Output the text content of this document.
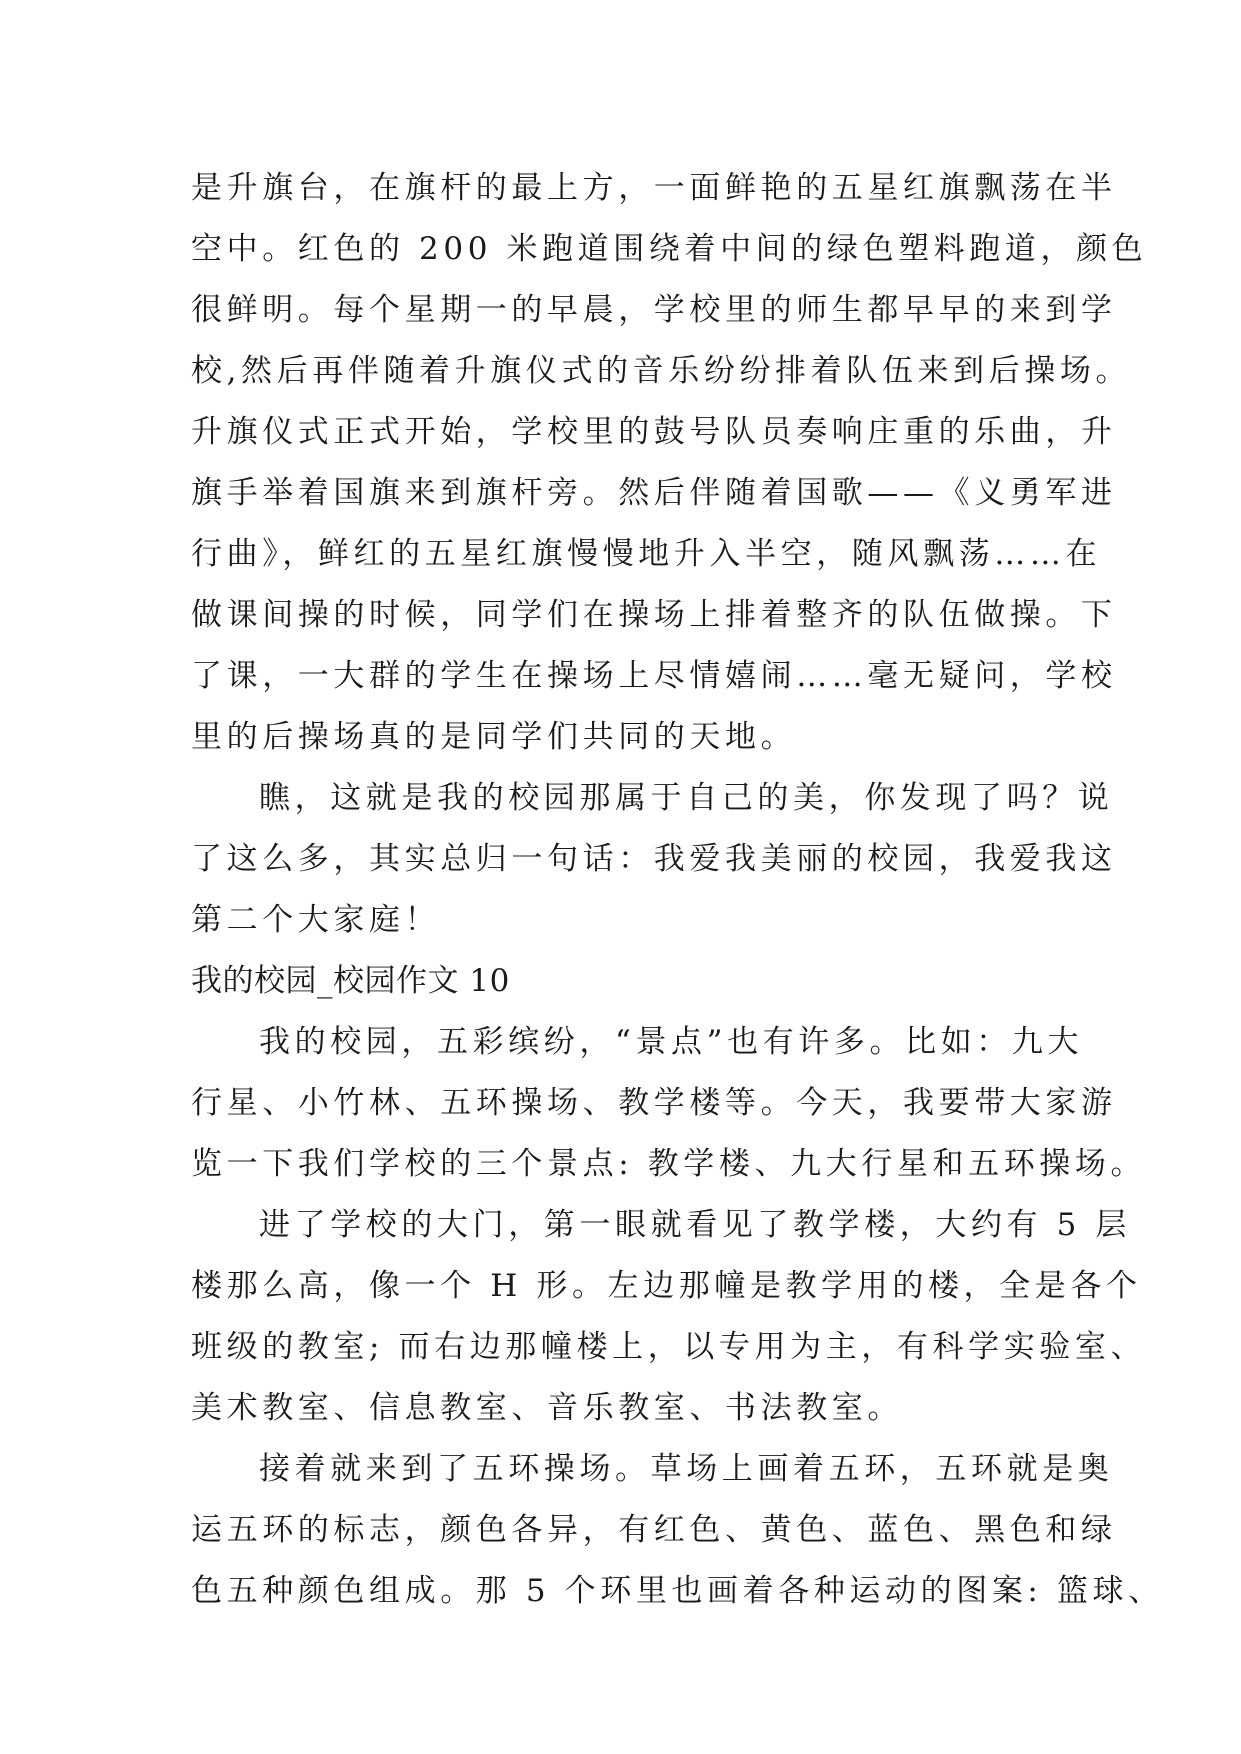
是升旗台，在旗杆的最上方，一面鲜艳的五星红旗飘荡在半
空中。红色的 200 米跑道围绕着中间的绿色塑料跑道，颜色
很鲜明。每个星期一的早晨，学校里的师生都早早的来到学
校,然后再伴随着升旗仪式的音乐纷纷排着队伍来到后操场。
升旗仪式正式开始，学校里的鼓号队员奏响庄重的乐曲，升
旗手举着国旗来到旗杆旁。然后伴随着国歌——《义勇军进
行曲》，鲜红的五星红旗慢慢地升入半空，随风飘荡……在
做课间操的时候，同学们在操场上排着整齐的队伍做操。下
了课，一大群的学生在操场上尽情嬉闹……毫无疑问，学校
里的后操场真的是同学们共同的天地。
瞧，这就是我的校园那属于自己的美，你发现了吗？说
了这么多，其实总归一句话：我爱我美丽的校园，我爱我这
第二个大家庭！
我的校园_校园作文 10
我的校园，五彩缤纷，“景点”也有许多。比如：九大
行星、小竹林、五环操场、教学楼等。今天，我要带大家游
览一下我们学校的三个景点: 教学楼、九大行星和五环操场。
进了学校的大门，第一眼就看见了教学楼，大约有 5 层
楼那么高，像一个 H 形。左边那幢是教学用的楼，全是各个
班级的教室; 而右边那幢楼上，以专用为主，有科学实验室、
美术教室、信息教室、音乐教室、书法教室。
接着就来到了五环操场。草场上画着五环，五环就是奥
运五环的标志，颜色各异，有红色、黄色、蓝色、黑色和绿
色五种颜色组成。那 5 个环里也画着各种运动的图案: 篮球、
